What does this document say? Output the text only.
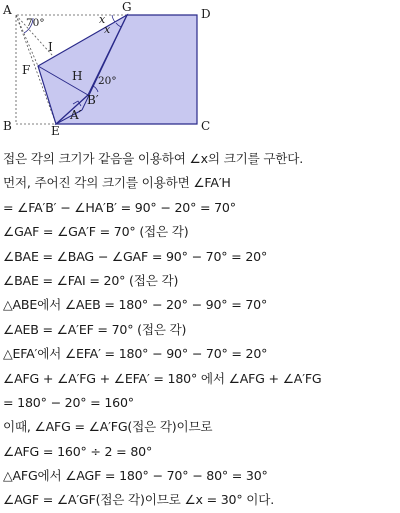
A	G	D
F
I
H
B′
A′
B	E	C
70°
20°
x
x
접은 각의 크기가 같음을 이용하여 ∠x의 크기를 구한다.
먼저, 주어진 각의 크기를 이용하면 ∠FA′H
= ∠FA′B′ − ∠HA′B′ = 90° − 20° = 70°
∠GAF = ∠GA′F = 70° (접은 각)
∠BAE = ∠BAG − ∠GAF = 90° − 70° = 20°
∠BAE = ∠FAI = 20° (접은 각)
△ABE에서 ∠AEB = 180° − 20° − 90° = 70°
∠AEB = ∠A′EF = 70° (접은 각)
△EFA′에서 ∠EFA′ = 180° − 90° − 70° = 20°
∠AFG + ∠A′FG + ∠EFA′ = 180° 에서 ∠AFG + ∠A′FG
= 180° − 20° = 160°
이때, ∠AFG = ∠A′FG(접은 각)이므로
∠AFG = 160° ÷ 2 = 80°
△AFG에서 ∠AGF = 180° − 70° − 80° = 30°
∠AGF = ∠A′GF(접은 각)이므로 ∠x = 30° 이다.
